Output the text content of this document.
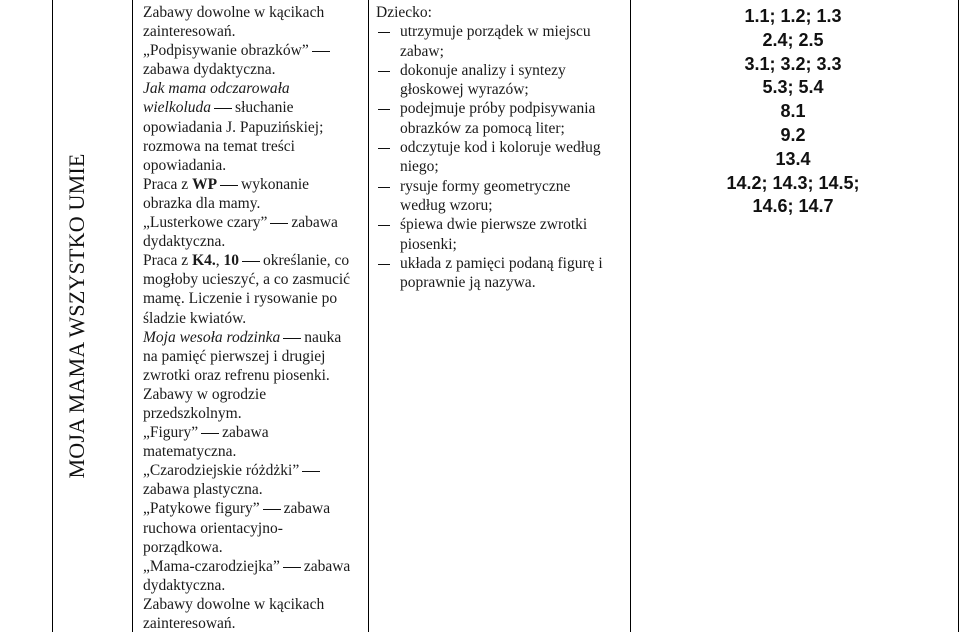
MOJA MAMA WSZYSTKO UMIE
Zabawy dowolne w kącikach
zainteresowań.
„Podpisywanie obrazków”
zabawa dydaktyczna.
Jak mama odczarowała
wielkoluda słuchanie
opowiadania J. Papuzińskiej;
rozmowa na temat treści
opowiadania.
Praca z WP wykonanie
obrazka dla mamy.
„Lusterkowe czary” zabawa
dydaktyczna.
Praca z K4., 10 określanie, co
mogłoby ucieszyć, a co zasmucić
mamę. Liczenie i rysowanie po
śladzie kwiatów.
Moja wesoła rodzinka nauka
na pamięć pierwszej i drugiej
zwrotki oraz refrenu piosenki.
Zabawy w ogrodzie
przedszkolnym.
„Figury” zabawa
matematyczna.
„Czarodziejskie różdżki”
zabawa plastyczna.
„Patykowe figury” zabawa
ruchowa orientacyjno-
porządkowa.
„Mama-czarodziejka” zabawa
dydaktyczna.
Zabawy dowolne w kącikach
zainteresowań.
Dziecko:
utrzymuje porządek w miejscu
zabaw;
dokonuje analizy i syntezy
głoskowej wyrazów;
podejmuje próby podpisywania
obrazków za pomocą liter;
odczytuje kod i koloruje według
niego;
rysuje formy geometryczne
według wzoru;
śpiewa dwie pierwsze zwrotki
piosenki;
układa z pamięci podaną figurę i
poprawnie ją nazywa.
1.1; 1.2; 1.3
2.4; 2.5
3.1; 3.2; 3.3
5.3; 5.4
8.1
9.2
13.4
14.2; 14.3; 14.5;
14.6; 14.7
